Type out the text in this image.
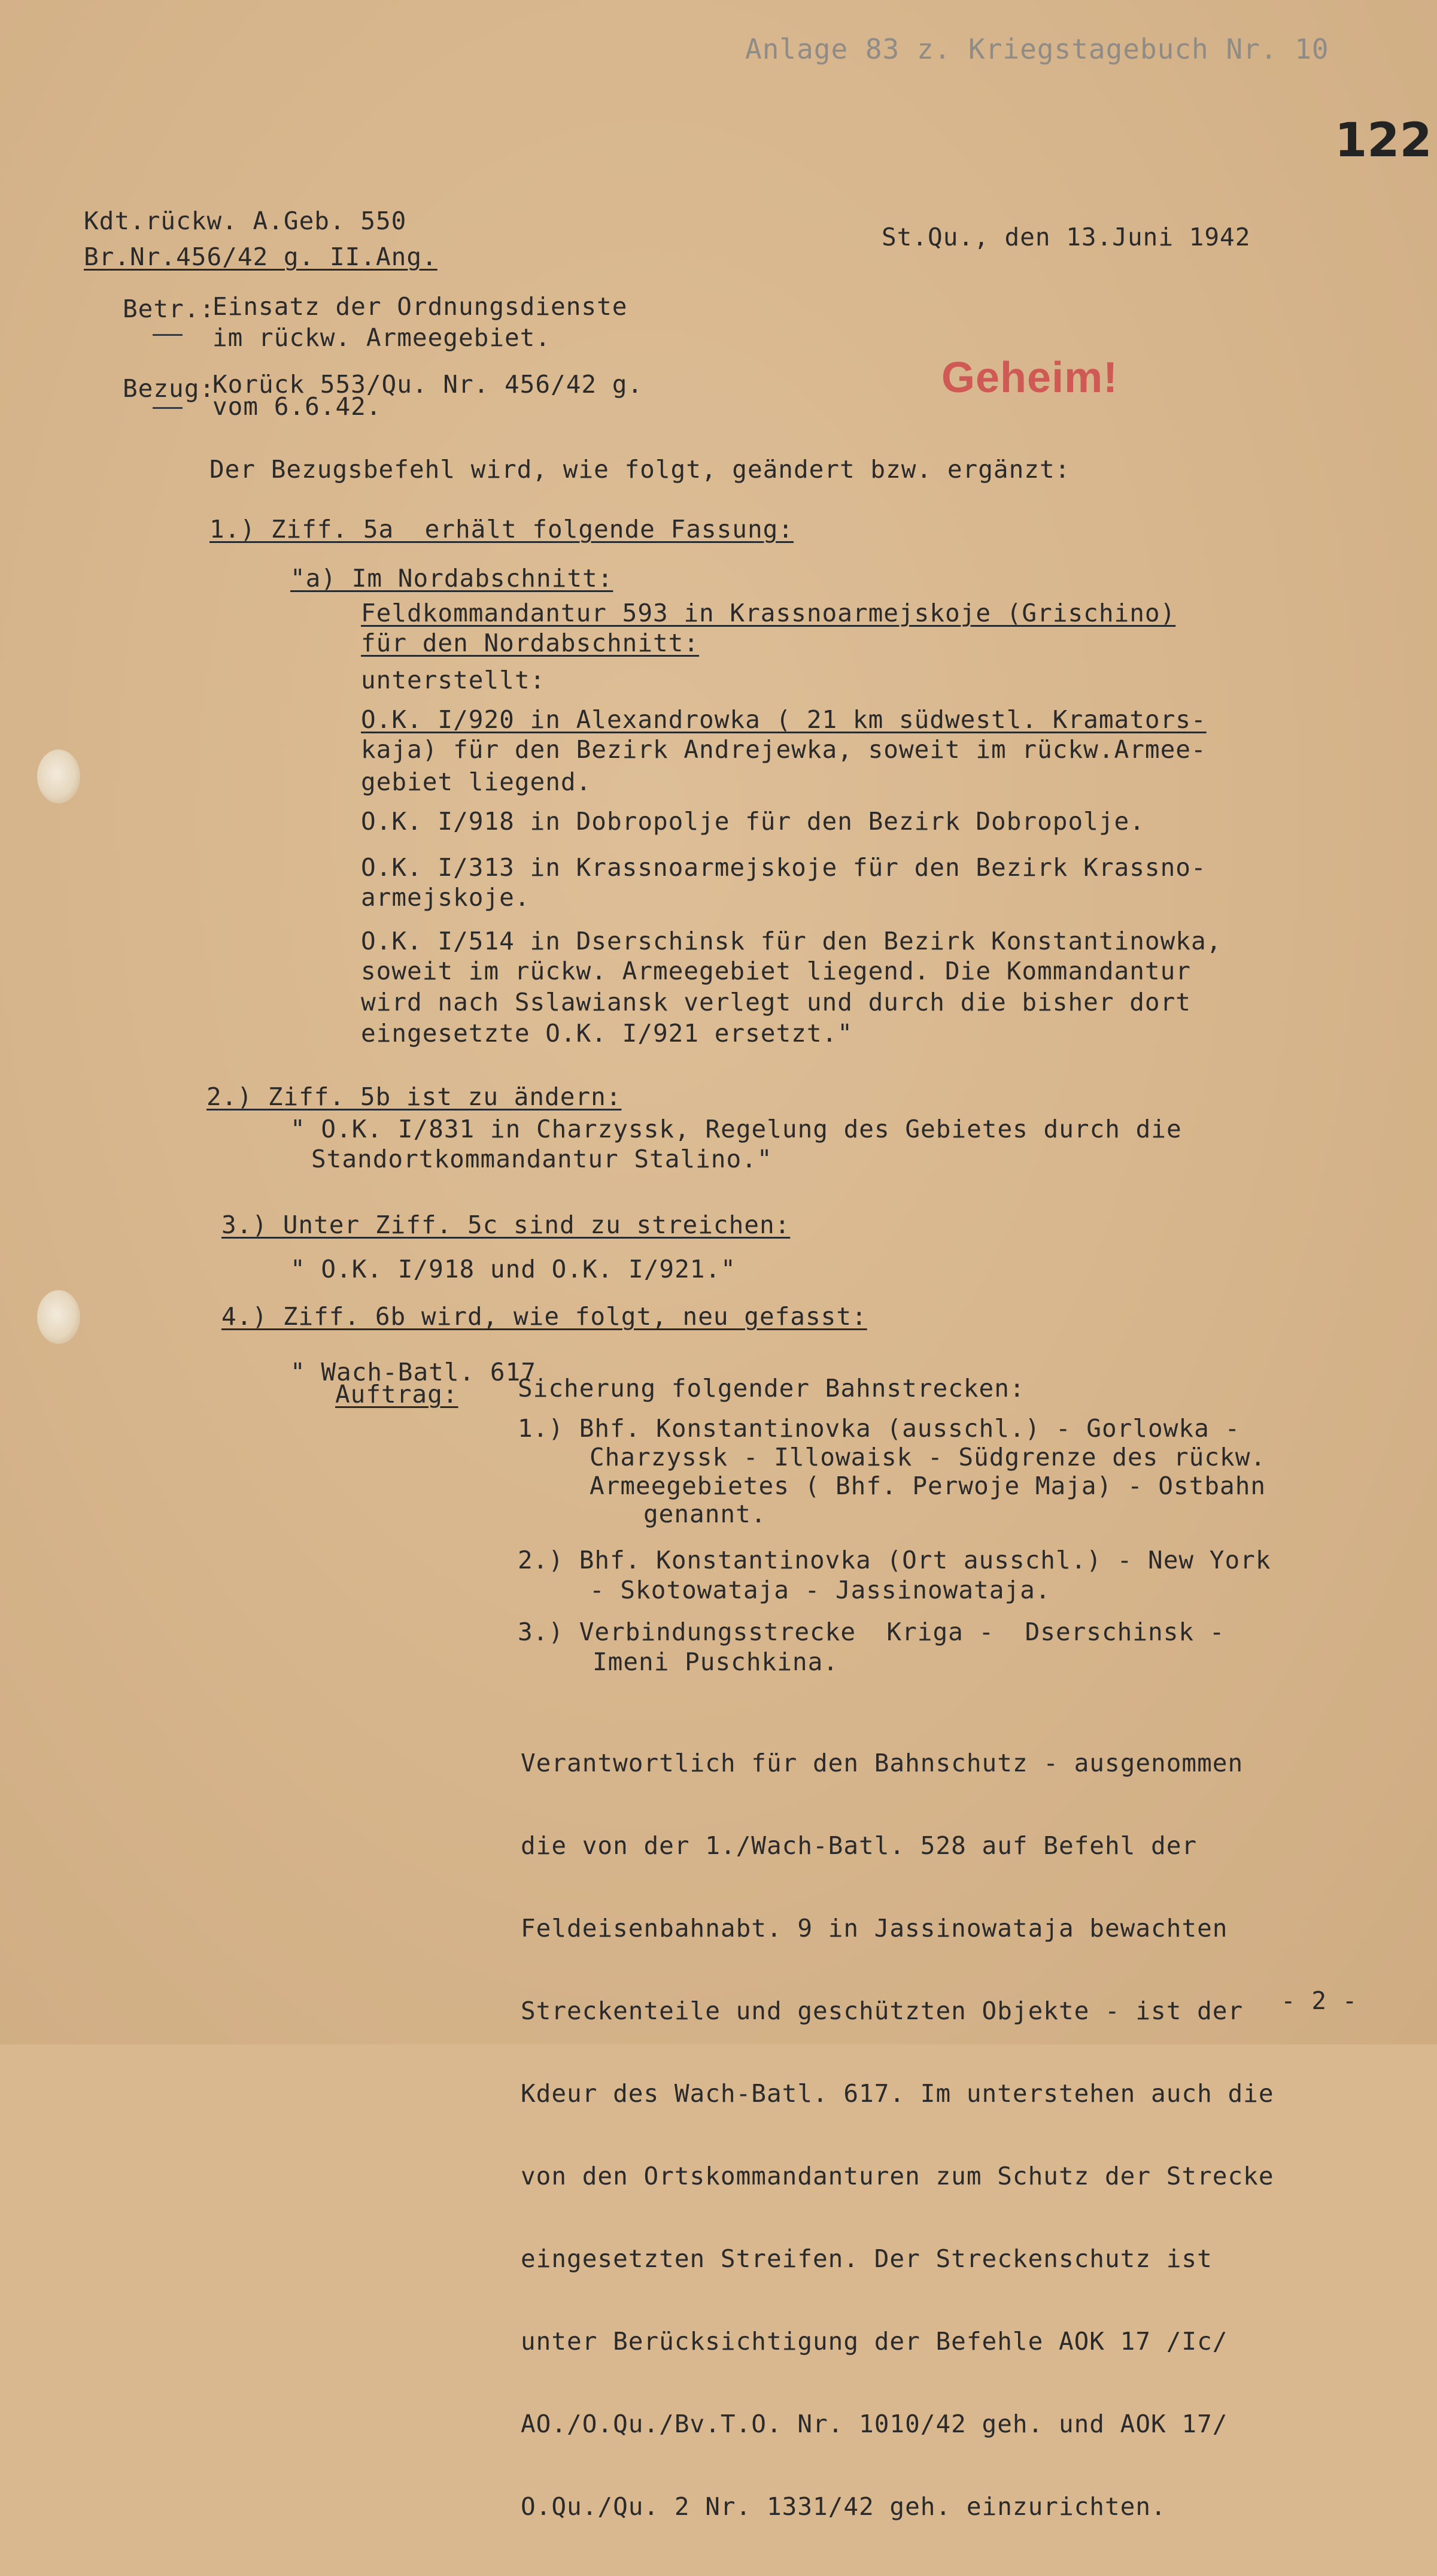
Anlage 83 z. Kriegstagebuch Nr. 10
122
Kdt.rückw. A.Geb. 550
Br.Nr.456/42 g. II.Ang.
St.Qu., den 13.Juni 1942
Betr.:
Einsatz der Ordnungsdienste
im rückw. Armeegebiet.
Bezug:
Korück 553/Qu. Nr. 456/42 g.
vom 6.6.42.
Geheim!
Der Bezugsbefehl wird, wie folgt, geändert bzw. ergänzt:
1.) Ziff. 5a  erhält folgende Fassung:
"a) Im Nordabschnitt:
Feldkommandantur 593 in Krassnoarmejskoje (Grischino)
für den Nordabschnitt:
unterstellt:
O.K. I/920 in Alexandrowka ( 21 km südwestl. Kramators-
kaja) für den Bezirk Andrejewka, soweit im rückw.Armee-
gebiet liegend.
O.K. I/918 in Dobropolje für den Bezirk Dobropolje.
O.K. I/313 in Krassnoarmejskoje für den Bezirk Krassno-
armejskoje.
O.K. I/514 in Dserschinsk für den Bezirk Konstantinowka,
soweit im rückw. Armeegebiet liegend. Die Kommandantur
wird nach Sslawiansk verlegt und durch die bisher dort
eingesetzte O.K. I/921 ersetzt."
2.) Ziff. 5b ist zu ändern:
" O.K. I/831 in Charzyssk, Regelung des Gebietes durch die
Standortkommandantur Stalino."
3.) Unter Ziff. 5c sind zu streichen:
" O.K. I/918 und O.K. I/921."
4.) Ziff. 6b wird, wie folgt, neu gefasst:
" Wach-Batl. 617
Auftrag: Sicherung folgender Bahnstrecken:
1.) Bhf. Konstantinovka (ausschl.) - Gorlowka -
Charzyssk - Illowaisk - Südgrenze des rückw.
Armeegebietes ( Bhf. Perwoje Maja) - Ostbahn
genannt.
2.) Bhf. Konstantinovka (Ort ausschl.) - New York
- Skotowataja - Jassinowataja.
3.) Verbindungsstrecke  Kriga -  Dserschinsk -
Imeni Puschkina.

Verantwortlich für den Bahnschutz - ausgenommen

die von der 1./Wach-Batl. 528 auf Befehl der

Feldeisenbahnabt. 9 in Jassinowataja bewachten

Streckenteile und geschützten Objekte - ist der

Kdeur des Wach-Batl. 617. Im unterstehen auch die

von den Ortskommandanturen zum Schutz der Strecke

eingesetzten Streifen. Der Streckenschutz ist

unter Berücksichtigung der Befehle AOK 17 /Ic/

AO./O.Qu./Bv.T.O. Nr. 1010/42 geh. und AOK 17/

O.Qu./Qu. 2 Nr. 1331/42 geh. einzurichten.

- 2 -
